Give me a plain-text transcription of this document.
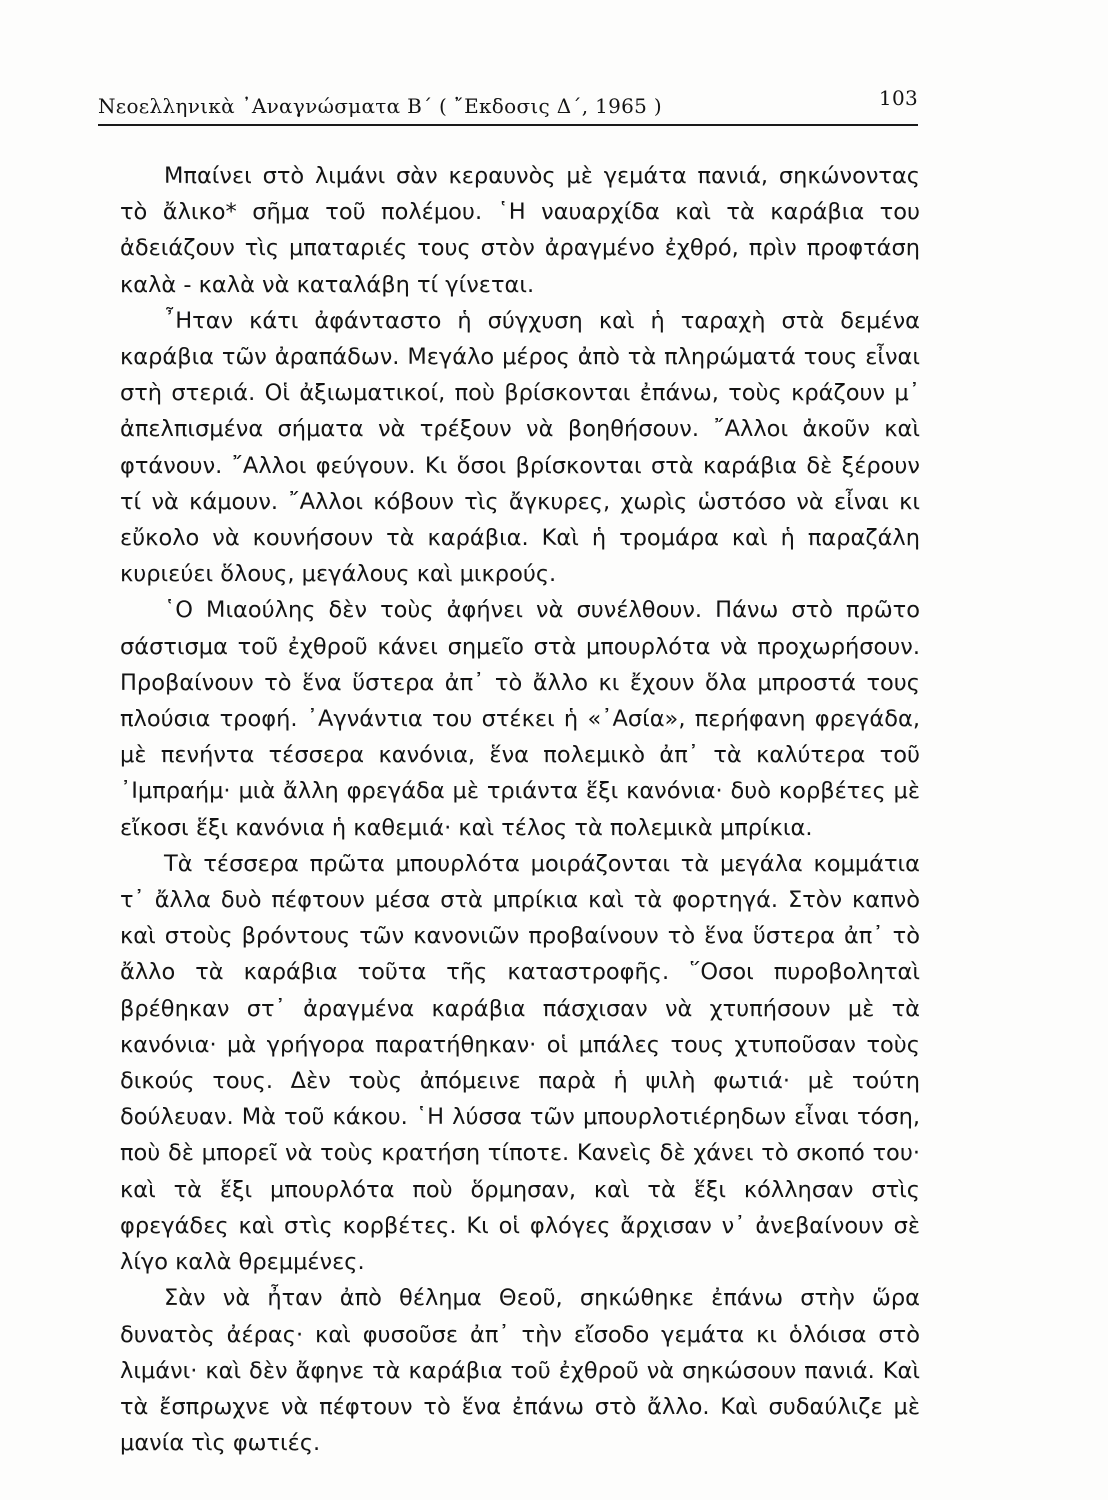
Νεοελληνικὰ ᾿Αναγνώσματα Β΄ ( ῎Εκδοσις Δ΄, 1965 )	103

Μπαίνει στὸ λιμάνι σὰν κεραυνὸς μὲ γεμάτα πανιά, σηκώνοντας τὸ ἄλικο* σῆμα τοῦ πολέμου. ῾Η ναυαρχίδα καὶ τὰ καράβια του ἀδειάζουν τὶς μπαταριές τους στὸν ἀραγμένο ἐχθρό, πρὶν προφτάση καλὰ - καλὰ νὰ καταλάβη τί γίνεται.

῏Ηταν κάτι ἀφάνταστο ἡ σύγχυση καὶ ἡ ταραχὴ στὰ δεμένα καράβια τῶν ἀραπάδων. Μεγάλο μέρος ἀπὸ τὰ πληρώματά τους εἶναι στὴ στεριά. Οἱ ἀξιωματικοί, ποὺ βρίσκονται ἐπάνω, τοὺς κράζουν μ᾿ ἀπελπισμένα σήματα νὰ τρέξουν νὰ βοηθήσουν. ῎Αλλοι ἀκοῦν καὶ φτάνουν. ῎Αλλοι φεύγουν. Κι ὅσοι βρίσκονται στὰ καράβια δὲ ξέρουν τί νὰ κάμουν. ῎Αλλοι κόβουν τὶς ἄγκυρες, χωρὶς ὡστόσο νὰ εἶναι κι εὔκολο νὰ κουνήσουν τὰ καράβια. Καὶ ἡ τρομάρα καὶ ἡ παραζάλη κυριεύει ὅλους, μεγάλους καὶ μικρούς.

῾Ο Μιαούλης δὲν τοὺς ἀφήνει νὰ συνέλθουν. Πάνω στὸ πρῶτο σάστισμα τοῦ ἐχθροῦ κάνει σημεῖο στὰ μπουρλότα νὰ προχωρήσουν. Προβαίνουν τὸ ἕνα ὕστερα ἀπ᾿ τὸ ἄλλο κι ἔχουν ὅλα μπροστά τους πλούσια τροφή. ᾿Αγνάντια του στέκει ἡ «᾿Ασία», περήφανη φρεγάδα, μὲ πενήντα τέσσερα κανόνια, ἕνα πολεμικὸ ἀπ᾿ τὰ καλύτερα τοῦ ᾿Ιμπραήμ· μιὰ ἄλλη φρεγάδα μὲ τριάντα ἕξι κανόνια· δυὸ κορβέτες μὲ εἴκοσι ἕξι κανόνια ἡ καθεμιά· καὶ τέλος τὰ πολεμικὰ μπρίκια.

Τὰ τέσσερα πρῶτα μπουρλότα μοιράζονται τὰ μεγάλα κομμάτια τ᾿ ἄλλα δυὸ πέφτουν μέσα στὰ μπρίκια καὶ τὰ φορτηγά. Στὸν καπνὸ καὶ στοὺς βρόντους τῶν κανονιῶν προβαίνουν τὸ ἕνα ὕστερα ἀπ᾿ τὸ ἄλλο τὰ καράβια τοῦτα τῆς καταστροφῆς. ῞Οσοι πυροβοληταὶ βρέθηκαν στ᾿ ἀραγμένα καράβια πάσχισαν νὰ χτυπήσουν μὲ τὰ κανόνια· μὰ γρήγορα παρατήθηκαν· οἱ μπάλες τους χτυποῦσαν τοὺς δικούς τους. Δὲν τοὺς ἀπόμεινε παρὰ ἡ ψιλὴ φωτιά· μὲ τούτη δούλευαν. Μὰ τοῦ κάκου. ῾Η λύσσα τῶν μπουρλοτιέρηδων εἶναι τόση, ποὺ δὲ μπορεῖ νὰ τοὺς κρατήση τίποτε. Κανεὶς δὲ χάνει τὸ σκοπό του· καὶ τὰ ἕξι μπουρλότα ποὺ ὅρμησαν, καὶ τὰ ἕξι κόλλησαν στὶς φρεγάδες καὶ στὶς κορβέτες. Κι οἱ φλόγες ἄρχισαν ν᾿ ἀνεβαίνουν σὲ λίγο καλὰ θρεμμένες.

Σὰν νὰ ἦταν ἀπὸ θέλημα Θεοῦ, σηκώθηκε ἐπάνω στὴν ὥρα δυνατὸς ἀέρας· καὶ φυσοῦσε ἀπ᾿ τὴν εἴσοδο γεμάτα κι ὁλόισα στὸ λιμάνι· καὶ δὲν ἄφηνε τὰ καράβια τοῦ ἐχθροῦ νὰ σηκώσουν πανιά. Καὶ τὰ ἔσπρωχνε νὰ πέφτουν τὸ ἕνα ἐπάνω στὸ ἄλλο. Καὶ συδαύλιζε μὲ μανία τὶς φωτιές.
